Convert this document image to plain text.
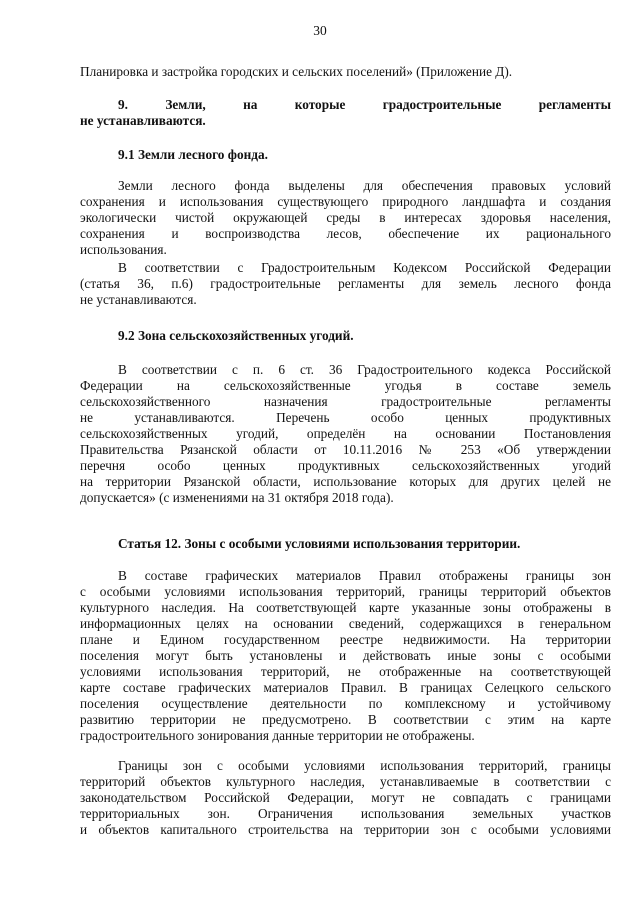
30
Планировка и застройка городских и сельских поселений» (Приложение Д).
9. Земли, на которые градостроительные регламенты
не устанавливаются.
9.1 Земли лесного фонда.
Земли лесного фонда выделены для обеспечения правовых условий
сохранения и использования существующего природного ландшафта и создания
экологически чистой окружающей среды в интересах здоровья населения,
сохранения и воспроизводства лесов, обеспечение их рационального
использования.
В соответствии с Градостроительным Кодексом Российской Федерации
(статья 36, п.6) градостроительные регламенты для земель лесного фонда
не устанавливаются.
9.2 Зона сельскохозяйственных угодий.
В соответствии с п. 6 ст. 36 Градостроительного кодекса Российской
Федерации на сельскохозяйственные угодья в составе земель
сельскохозяйственного назначения градостроительные регламенты
не устанавливаются. Перечень особо ценных продуктивных
сельскохозяйственных угодий, определён на основании Постановления
Правительства Рязанской области от 10.11.2016 № 253 «Об утверждении
перечня особо ценных продуктивных сельскохозяйственных угодий
на территории Рязанской области, использование которых для других целей не
допускается» (с изменениями на 31 октября 2018 года).
Статья 12. Зоны с особыми условиями использования территории.
В составе графических материалов Правил отображены границы зон
с особыми условиями использования территорий, границы территорий объектов
культурного наследия. На соответствующей карте указанные зоны отображены в
информационных целях на основании сведений, содержащихся в генеральном
плане и Едином государственном реестре недвижимости. На территории
поселения могут быть установлены и действовать иные зоны с особыми
условиями использования территорий, не отображенные на соответствующей
карте составе графических материалов Правил. В границах Селецкого сельского
поселения осуществление деятельности по комплексному и устойчивому
развитию территории не предусмотрено. В соответствии с этим на карте
градостроительного зонирования данные территории не отображены.
Границы зон с особыми условиями использования территорий, границы
территорий объектов культурного наследия, устанавливаемые в соответствии с
законодательством Российской Федерации, могут не совпадать с границами
территориальных зон. Ограничения использования земельных участков
и объектов капитального строительства на территории зон с особыми условиями
